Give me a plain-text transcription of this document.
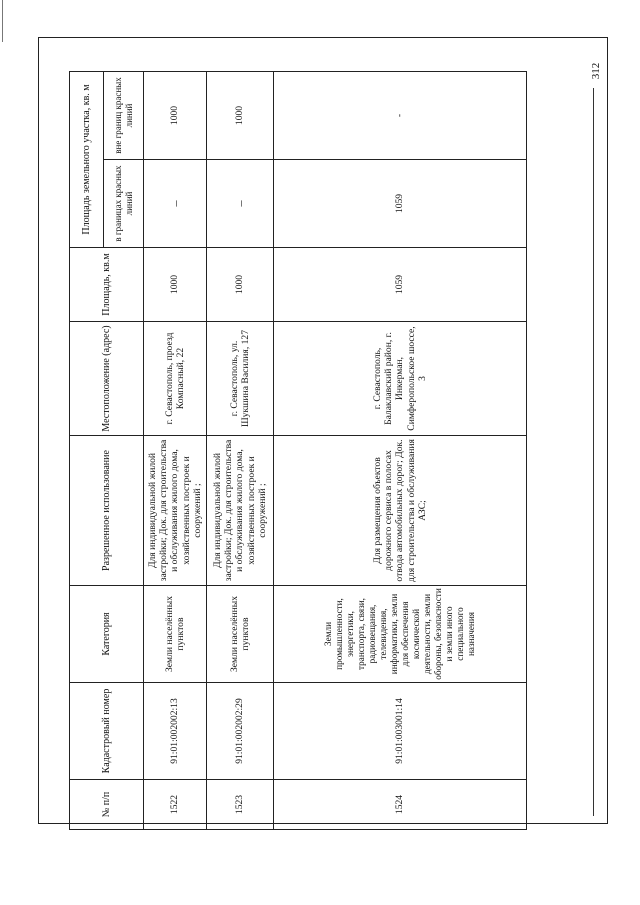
312
№ п/п	Кадастровый номер	Категория	Разрешенное использование	Местоположение (адрес)	Площадь, кв.м	Площадь земельного участка, кв. м	
						в границах красных линий	вне границ красных линий
1522	91:01:002002:13	Земли населённых пунктов	Для индивидуальной жилой застройки; Док. для строительства и обслуживания жилого дома, хозяйственных построек и сооружений ;	г. Севастополь, проезд Компасный, 22	1000	–	1000
1523	91:01:002002:29	Земли населённых пунктов	Для индивидуальной жилой застройки; Док. для строительства и обслуживания жилого дома, хозяйственных построек и сооружений ;	г. Севастополь, ул. Шукшина Василия, 127	1000	–	1000
1524	91:01:003001:14	Земли промышленности, энергетики, транспорта, связи, радиовещания, телевидения, информатики, земли для обеспечения космической деятельности, земли обороны, безопасности и земли иного специального назначения	Для размещения объектов дорожного сервиса в полосах отвода автомобильных дорог; Док. для строительства и обслуживания АЗС;	г. Севастополь, Балаклавский район, г. Инкерман, Симферопольское шоссе, 3	1059	1059	-
